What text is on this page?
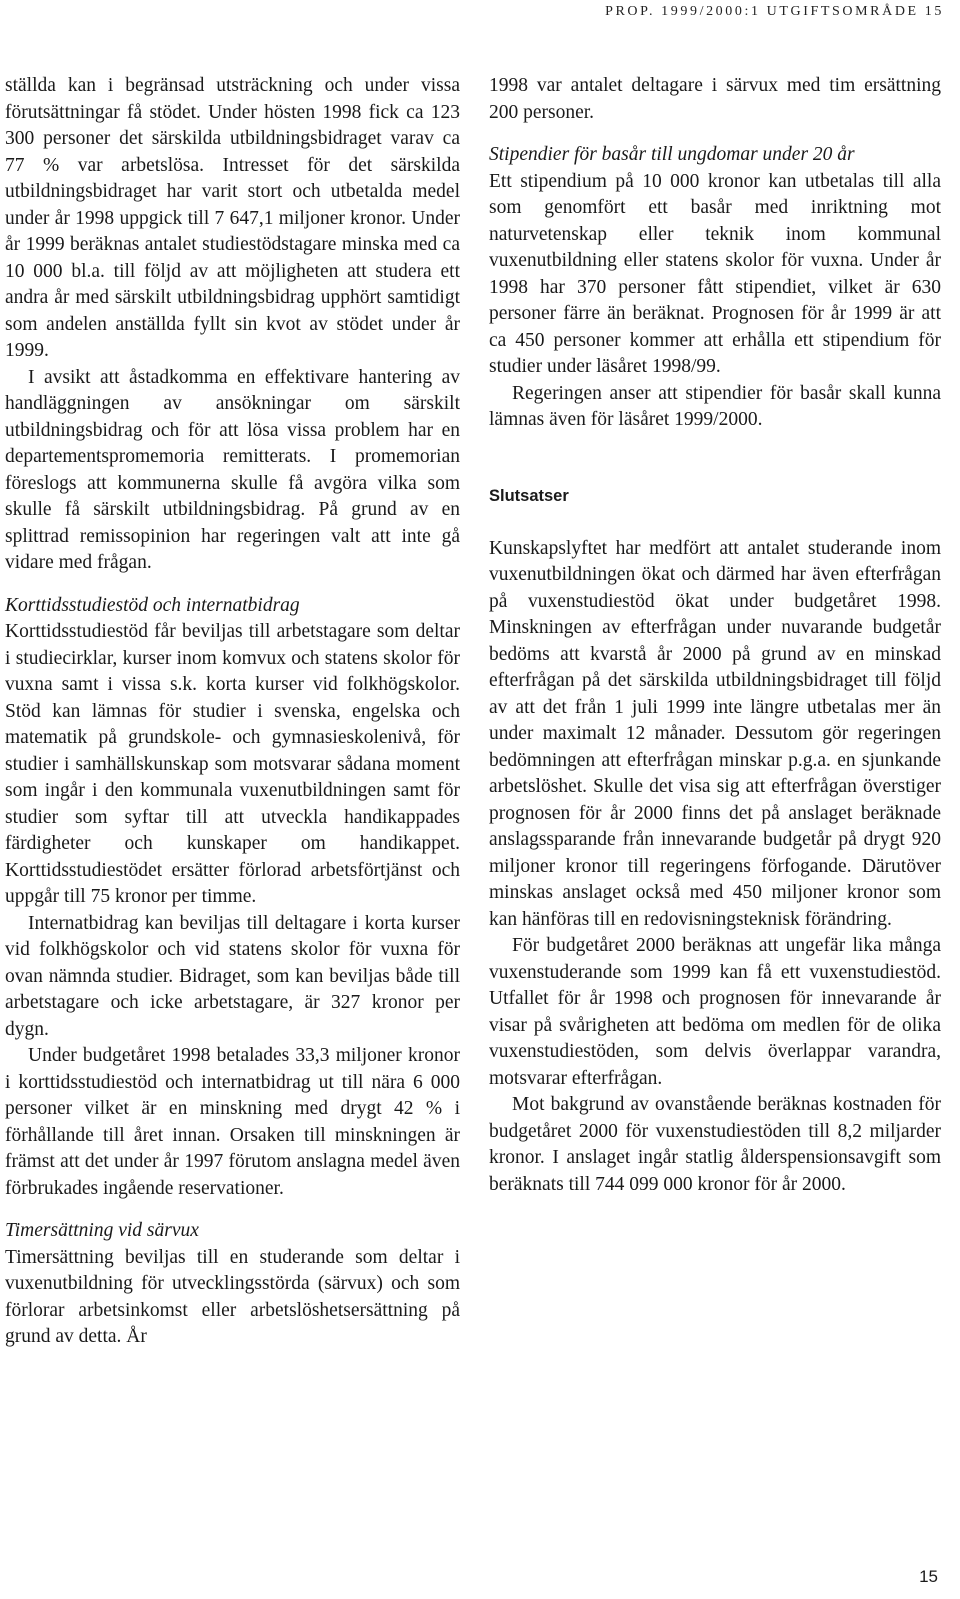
PROP. 1999/2000:1 UTGIFTSOMRÅDE 15

ställda kan i begränsad utsträckning och under vissa förutsättningar få stödet. Under hösten 1998 fick ca 123 300 personer det särskilda utbildningsbidraget varav ca 77 % var arbetslösa. Intresset för det särskilda utbildningsbidraget har varit stort och utbetalda medel under år 1998 uppgick till 7 647,1 miljoner kronor. Under år 1999 beräknas antalet studiestödstagare minska med ca 10 000 bl.a. till följd av att möjligheten att studera ett andra år med särskilt utbildningsbidrag upphört samtidigt som andelen anställda fyllt sin kvot av stödet under år 1999.

I avsikt att åstadkomma en effektivare hantering av handläggningen av ansökningar om särskilt utbildningsbidrag och för att lösa vissa problem har en departementspromemoria remitterats. I promemorian föreslogs att kommunerna skulle få avgöra vilka som skulle få särskilt utbildningsbidrag. På grund av en splittrad remissopinion har regeringen valt att inte gå vidare med frågan.

Korttidsstudiestöd och internatbidrag

Korttidsstudiestöd får beviljas till arbetstagare som deltar i studiecirklar, kurser inom komvux och statens skolor för vuxna samt i vissa s.k. korta kurser vid folkhögskolor. Stöd kan lämnas för studier i svenska, engelska och matematik på grundskole- och gymnasieskolenivå, för studier i samhällskunskap som motsvarar sådana moment som ingår i den kommunala vuxenutbildningen samt för studier som syftar till att utveckla handikappades färdigheter och kunskaper om handikappet. Korttidsstudiestödet ersätter förlorad arbetsförtjänst och uppgår till 75 kronor per timme.

Internatbidrag kan beviljas till deltagare i korta kurser vid folkhögskolor och vid statens skolor för vuxna för ovan nämnda studier. Bidraget, som kan beviljas både till arbetstagare och icke arbetstagare, är 327 kronor per dygn.

Under budgetåret 1998 betalades 33,3 miljoner kronor i korttidsstudiestöd och internatbidrag ut till nära 6 000 personer vilket är en minskning med drygt 42 % i förhållande till året innan. Orsaken till minskningen är främst att det under år 1997 förutom anslagna medel även förbrukades ingående reservationer.

Timersättning vid särvux

Timersättning beviljas till en studerande som deltar i vuxenutbildning för utvecklingsstörda (särvux) och som förlorar arbetsinkomst eller arbetslöshetsersättning på grund av detta. År

1998 var antalet deltagare i särvux med tim ersättning 200 personer.

Stipendier för basår till ungdomar under 20 år

Ett stipendium på 10 000 kronor kan utbetalas till alla som genomfört ett basår med inriktning mot naturvetenskap eller teknik inom kommunal vuxenutbildning eller statens skolor för vuxna. Under år 1998 har 370 personer fått stipendiet, vilket är 630 personer färre än beräknat. Prognosen för år 1999 är att ca 450 personer kommer att erhålla ett stipendium för studier under läsåret 1998/99.

Regeringen anser att stipendier för basår skall kunna lämnas även för läsåret 1999/2000.

Slutsatser

Kunskapslyftet har medfört att antalet studerande inom vuxenutbildningen ökat och därmed har även efterfrågan på vuxenstudiestöd ökat under budgetåret 1998. Minskningen av efterfrågan under nuvarande budgetår bedöms att kvarstå år 2000 på grund av en minskad efterfrågan på det särskilda utbildningsbidraget till följd av att det från 1 juli 1999 inte längre utbetalas mer än under maximalt 12 månader. Dessutom gör regeringen bedömningen att efterfrågan minskar p.g.a. en sjunkande arbetslöshet. Skulle det visa sig att efterfrågan överstiger prognosen för år 2000 finns det på anslaget beräknade anslagssparande från innevarande budgetår på drygt 920 miljoner kronor till regeringens förfogande. Därutöver minskas anslaget också med 450 miljoner kronor som kan hänföras till en redovisningsteknisk förändring.

För budgetåret 2000 beräknas att ungefär lika många vuxenstuderande som 1999 kan få ett vuxenstudiestöd. Utfallet för år 1998 och prognosen för innevarande år visar på svårigheten att bedöma om medlen för de olika vuxenstudiestöden, som delvis överlappar varandra, motsvarar efterfrågan.

Mot bakgrund av ovanstående beräknas kostnaden för budgetåret 2000 för vuxenstudiestöden till 8,2 miljarder kronor. I anslaget ingår statlig ålderspensionsavgift som beräknats till 744 099 000 kronor för år 2000.

15
